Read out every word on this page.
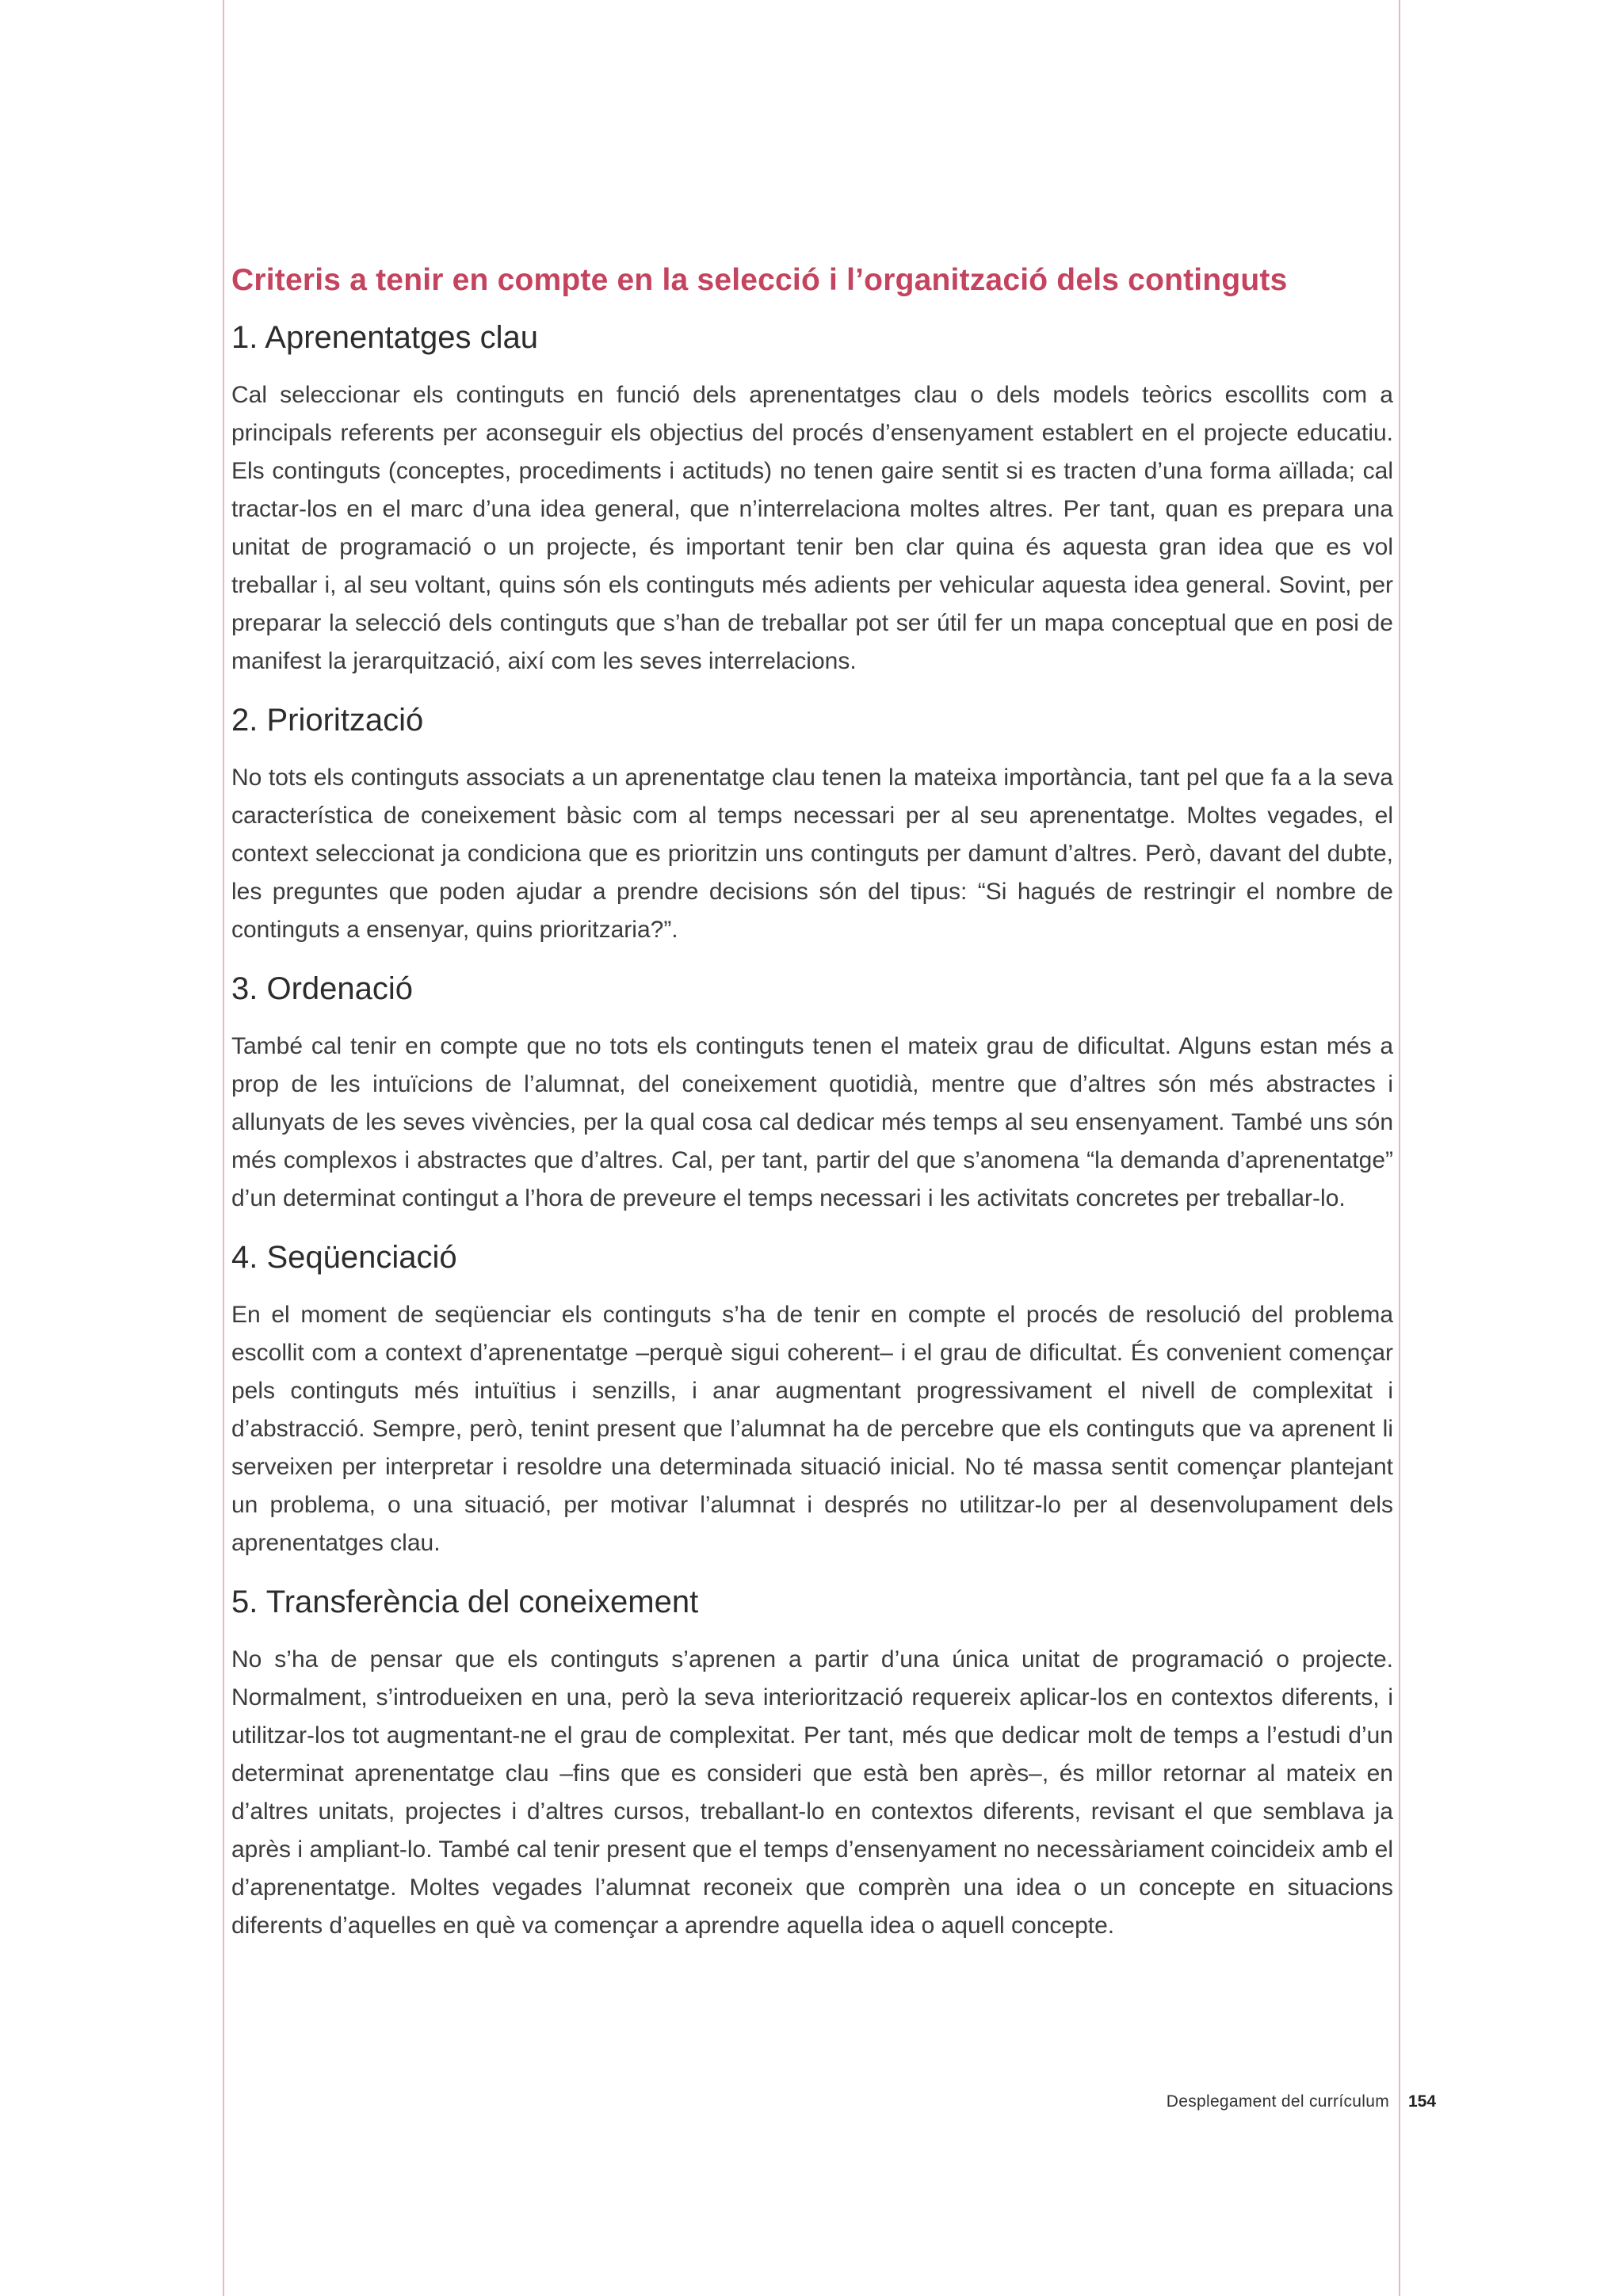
Criteris a tenir en compte en la selecció i l’organització dels continguts
1. Aprenentatges clau

Cal seleccionar els continguts en funció dels aprenentatges clau o dels models teòrics escollits com a principals referents per aconseguir els objectius del procés d’ensenyament establert en el projecte educatiu. Els continguts (conceptes, procediments i actituds) no tenen gaire sentit si es tracten d’una forma aïllada; cal tractar-los en el marc d’una idea general, que n’interrelaciona moltes altres. Per tant, quan es prepara una unitat de programació o un projecte, és important tenir ben clar quina és aquesta gran idea que es vol treballar i, al seu voltant, quins són els continguts més adients per vehicular aquesta idea general. Sovint, per preparar la selecció dels continguts que s’han de treballar pot ser útil fer un mapa conceptual que en posi de manifest la jerarquització, així com les seves interrelacions.

2. Priorització

No tots els continguts associats a un aprenentatge clau tenen la mateixa importància, tant pel que fa a la seva característica de coneixement bàsic com al temps necessari per al seu aprenentatge. Moltes vegades, el context seleccionat ja condiciona que es prioritzin uns continguts per damunt d’altres. Però, davant del dubte, les preguntes que poden ajudar a prendre decisions són del tipus: “Si hagués de restringir el nombre de continguts a ensenyar, quins prioritzaria?”.

3. Ordenació

També cal tenir en compte que no tots els continguts tenen el mateix grau de dificultat. Alguns estan més a prop de les intuïcions de l’alumnat, del coneixement quotidià, mentre que d’altres són més abstractes i allunyats de les seves vivències, per la qual cosa cal dedicar més temps al seu ensenyament. També uns són més complexos i abstractes que d’altres. Cal, per tant, partir del que s’anomena “la demanda d’aprenentatge” d’un determinat contingut a l’hora de preveure el temps necessari i les activitats concretes per treballar-lo.

4. Seqüenciació

En el moment de seqüenciar els continguts s’ha de tenir en compte el procés de resolució del problema escollit com a context d’aprenentatge –perquè sigui coherent– i el grau de dificultat. És convenient començar pels continguts més intuïtius i senzills, i anar augmentant progressivament el nivell de complexitat i d’abstracció. Sempre, però, tenint present que l’alumnat ha de percebre que els continguts que va aprenent li serveixen per interpretar i resoldre una determinada situació inicial. No té massa sentit començar plantejant un problema, o una situació, per motivar l’alumnat i després no utilitzar-lo per al desenvolupament dels aprenentatges clau.

5. Transferència del coneixement

No s’ha de pensar que els continguts s’aprenen a partir d’una única unitat de programació o projecte. Normalment, s’introdueixen en una, però la seva interiorització requereix aplicar-los en contextos diferents, i utilitzar-los tot augmentant-ne el grau de complexitat. Per tant, més que dedicar molt de temps a l’estudi d’un determinat aprenentatge clau –fins que es consideri que està ben après–, és millor retornar al mateix en d’altres unitats, projectes i d’altres cursos, treballant-lo en contextos diferents, revisant el que semblava ja après i ampliant-lo. També cal tenir present que el temps d’ensenyament no necessàriament coincideix amb el d’aprenentatge. Moltes vegades l’alumnat reconeix que comprèn una idea o un concepte en situacions diferents d’aquelles en què va començar a aprendre aquella idea o aquell concepte.

Desplegament del currículum 154
